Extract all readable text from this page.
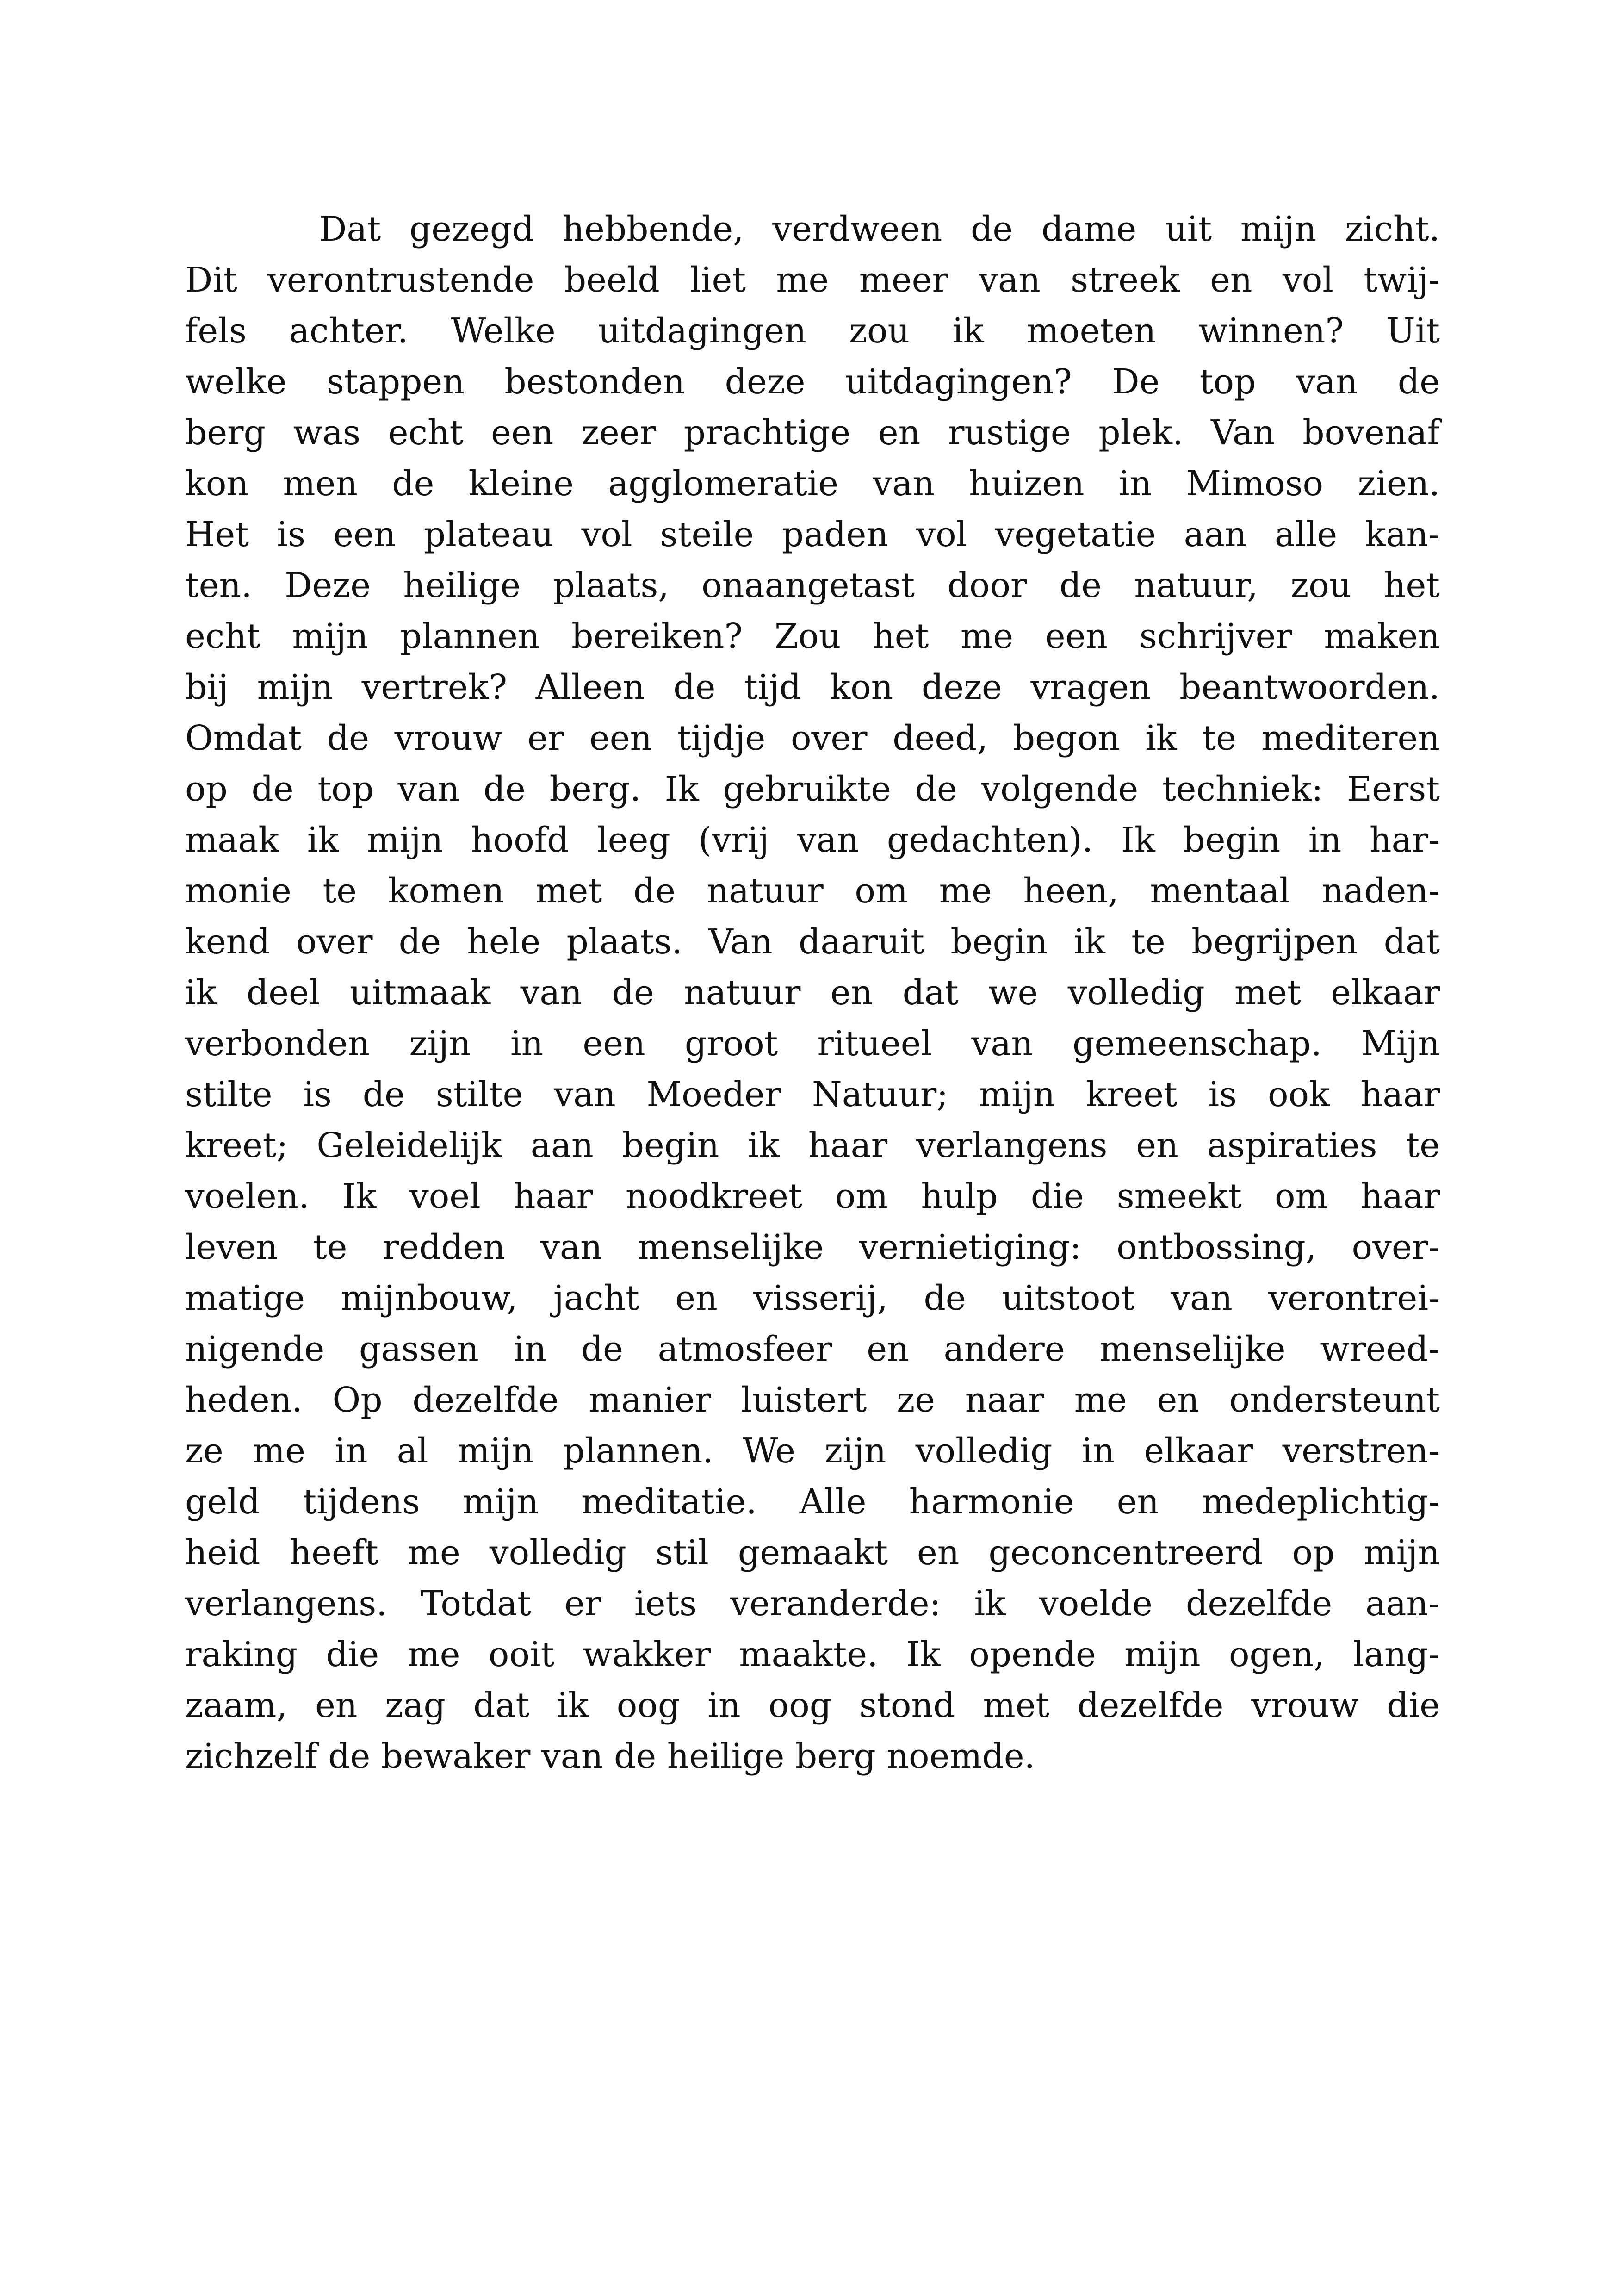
Dat gezegd hebbende, verdween de dame uit mijn zicht.
Dit verontrustende beeld liet me meer van streek en vol twij-
fels achter. Welke uitdagingen zou ik moeten winnen? Uit
welke stappen bestonden deze uitdagingen? De top van de
berg was echt een zeer prachtige en rustige plek. Van bovenaf
kon men de kleine agglomeratie van huizen in Mimoso zien.
Het is een plateau vol steile paden vol vegetatie aan alle kan-
ten. Deze heilige plaats, onaangetast door de natuur, zou het
echt mijn plannen bereiken? Zou het me een schrijver maken
bij mijn vertrek? Alleen de tijd kon deze vragen beantwoorden.
Omdat de vrouw er een tijdje over deed, begon ik te mediteren
op de top van de berg. Ik gebruikte de volgende techniek: Eerst
maak ik mijn hoofd leeg (vrij van gedachten). Ik begin in har-
monie te komen met de natuur om me heen, mentaal naden-
kend over de hele plaats. Van daaruit begin ik te begrijpen dat
ik deel uitmaak van de natuur en dat we volledig met elkaar
verbonden zijn in een groot ritueel van gemeenschap. Mijn
stilte is de stilte van Moeder Natuur; mijn kreet is ook haar
kreet; Geleidelijk aan begin ik haar verlangens en aspiraties te
voelen. Ik voel haar noodkreet om hulp die smeekt om haar
leven te redden van menselijke vernietiging: ontbossing, over-
matige mijnbouw, jacht en visserij, de uitstoot van verontrei-
nigende gassen in de atmosfeer en andere menselijke wreed-
heden. Op dezelfde manier luistert ze naar me en ondersteunt
ze me in al mijn plannen. We zijn volledig in elkaar verstren-
geld tijdens mijn meditatie. Alle harmonie en medeplichtig-
heid heeft me volledig stil gemaakt en geconcentreerd op mijn
verlangens. Totdat er iets veranderde: ik voelde dezelfde aan-
raking die me ooit wakker maakte. Ik opende mijn ogen, lang-
zaam, en zag dat ik oog in oog stond met dezelfde vrouw die
zichzelf de bewaker van de heilige berg noemde.
